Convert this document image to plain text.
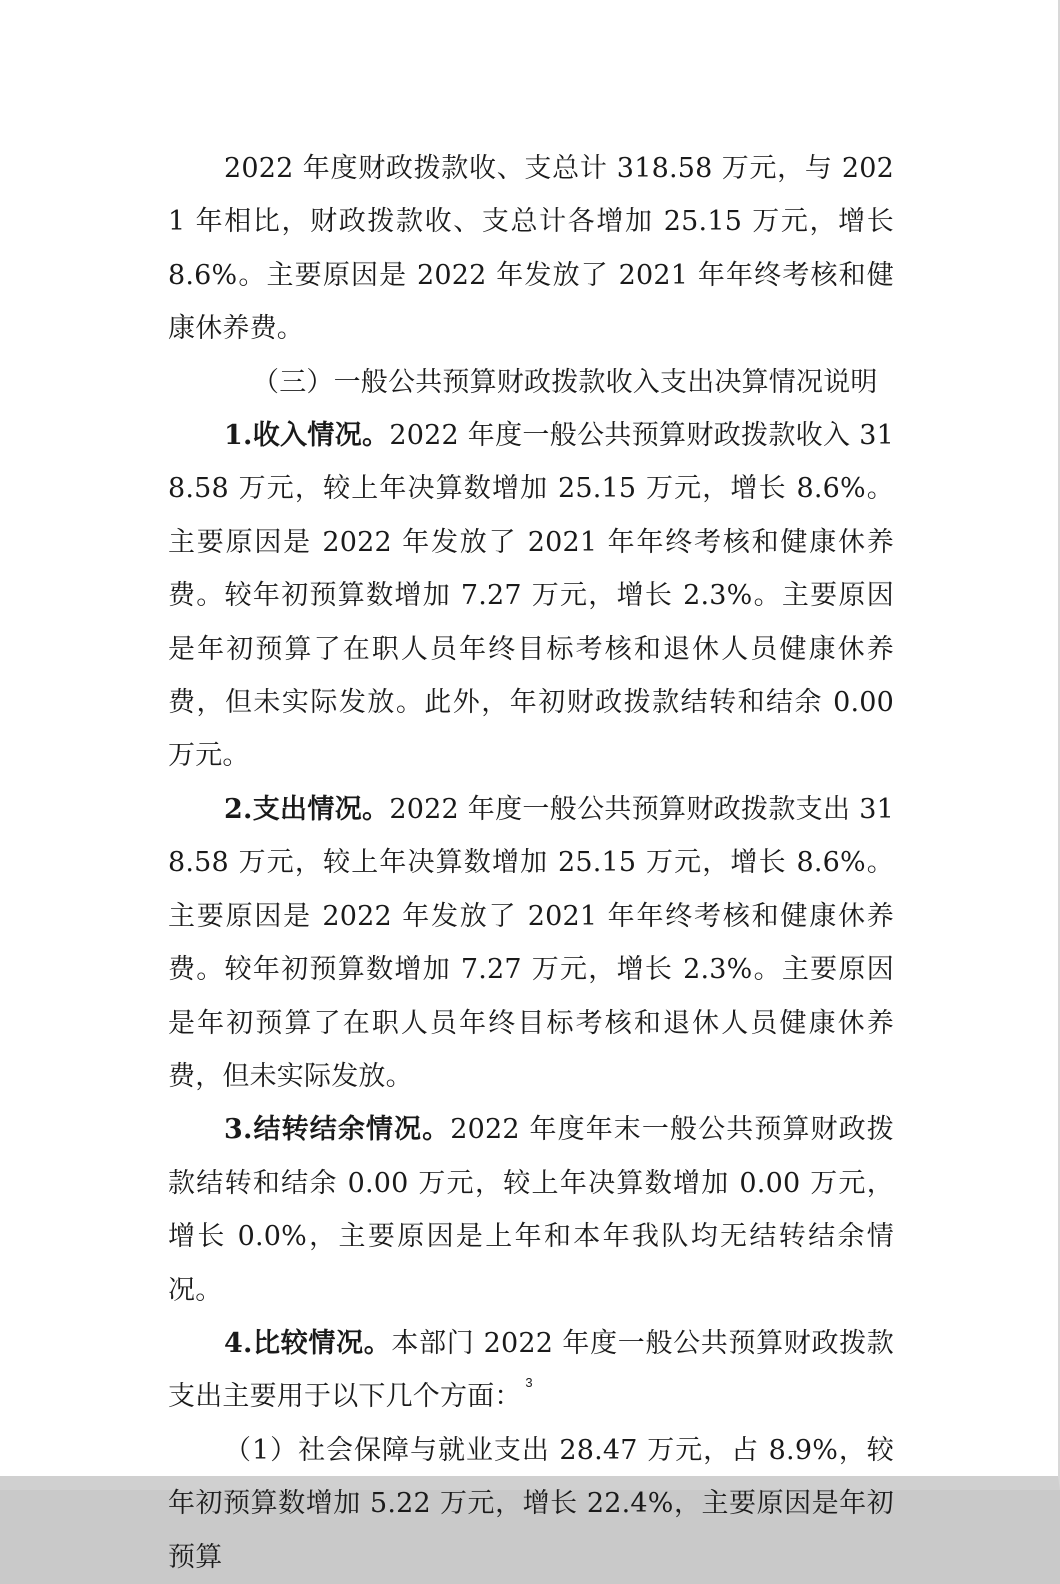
2022 年度财政拨款收、支总计 318.58 万元，与 2021 年相比，财政拨款收、支总计各增加 25.15 万元，增长 8.6%。主要原因是 2022 年发放了 2021 年年终考核和健康休养费。

（三）一般公共预算财政拨款收入支出决算情况说明

1.收入情况。2022 年度一般公共预算财政拨款收入 318.58 万元，较上年决算数增加 25.15 万元，增长 8.6%。主要原因是 2022 年发放了 2021 年年终考核和健康休养费。较年初预算数增加 7.27 万元，增长 2.3%。主要原因是年初预算了在职人员年终目标考核和退休人员健康休养费，但未实际发放。此外，年初财政拨款结转和结余 0.00 万元。

2.支出情况。2022 年度一般公共预算财政拨款支出 318.58 万元，较上年决算数增加 25.15 万元，增长 8.6%。主要原因是 2022 年发放了 2021 年年终考核和健康休养费。较年初预算数增加 7.27 万元，增长 2.3%。主要原因是年初预算了在职人员年终目标考核和退休人员健康休养费，但未实际发放。

3.结转结余情况。2022 年度年末一般公共预算财政拨款结转和结余 0.00 万元，较上年决算数增加 0.00 万元，增长 0.0%，主要原因是上年和本年我队均无结转结余情况。

4.比较情况。本部门 2022 年度一般公共预算财政拨款支出主要用于以下几个方面：

（1）社会保障与就业支出 28.47 万元，占 8.9%，较年初预算数增加 5.22 万元，增长 22.4%，主要原因是年初预算

3
